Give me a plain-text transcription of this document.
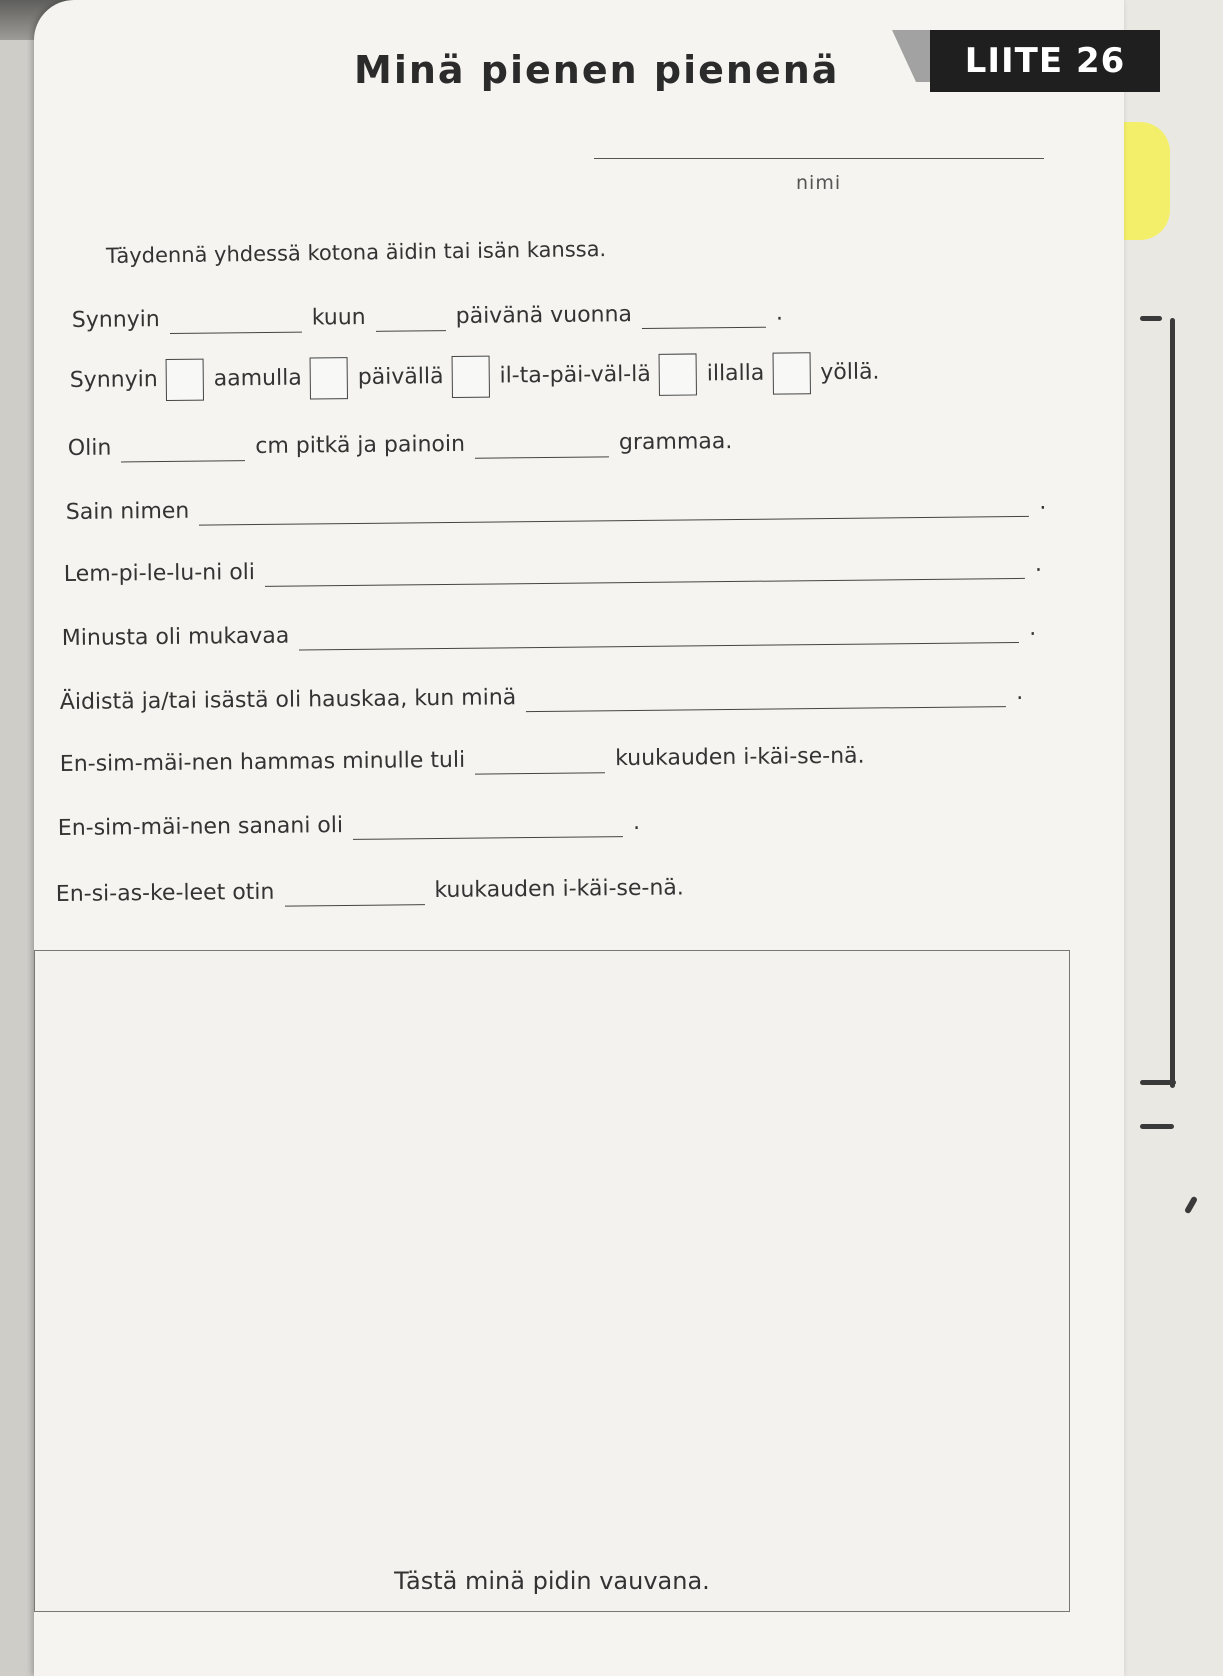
Minä pienen pienenä	LIITE 26
nimi
Täydennä yhdessä kotona äidin tai isän kanssa.
Synnyin	kuun	päivänä vuonna	.
Synnyin	aamulla	päivällä	il-ta-päi-väl-lä	illalla	yöllä.
Olin	cm pitkä ja painoin	grammaa.
Sain nimen	.
Lem-pi-le-lu-ni oli	.
Minusta oli mukavaa	.
Äidistä ja/tai isästä oli hauskaa, kun minä	.
En-sim-mäi-nen hammas minulle tuli	kuukauden i-käi-se-nä.
En-sim-mäi-nen sanani oli	.
En-si-as-ke-leet otin	kuukauden i-käi-se-nä.
Tästä minä pidin vauvana.
